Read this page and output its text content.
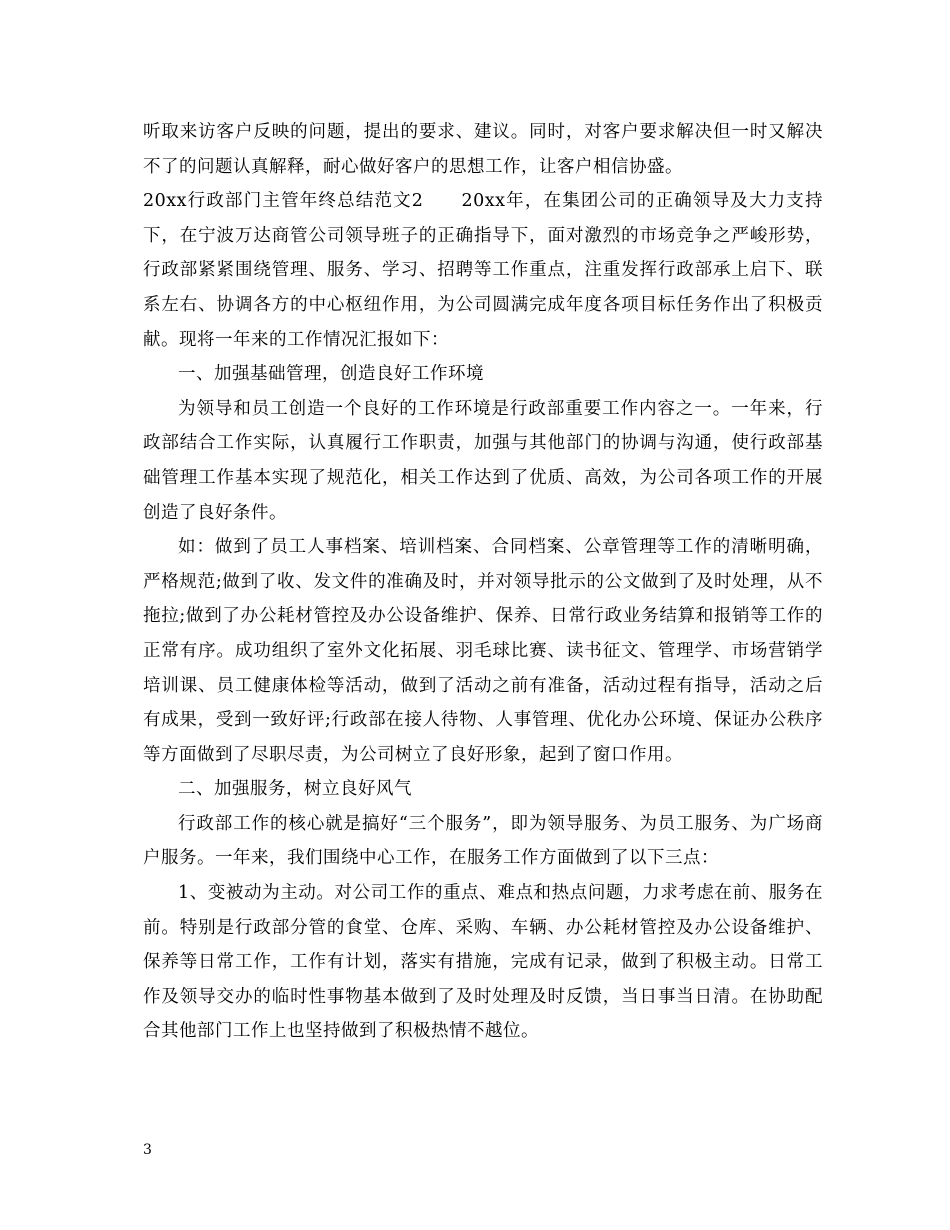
听取来访客户反映的问题，提出的要求、建议。同时，对客户要求解决但一时又解决不了的问题认真解释，耐心做好客户的思想工作，让客户相信协盛。

20xx行政部门主管年终总结范文2　　20xx年，在集团公司的正确领导及大力支持下，在宁波万达商管公司领导班子的正确指导下，面对激烈的市场竞争之严峻形势，行政部紧紧围绕管理、服务、学习、招聘等工作重点，注重发挥行政部承上启下、联系左右、协调各方的中心枢纽作用，为公司圆满完成年度各项目标任务作出了积极贡献。现将一年来的工作情况汇报如下：

一、加强基础管理，创造良好工作环境

为领导和员工创造一个良好的工作环境是行政部重要工作内容之一。一年来，行政部结合工作实际，认真履行工作职责，加强与其他部门的协调与沟通，使行政部基础管理工作基本实现了规范化，相关工作达到了优质、高效，为公司各项工作的开展创造了良好条件。

如：做到了员工人事档案、培训档案、合同档案、公章管理等工作的清晰明确，严格规范;做到了收、发文件的准确及时，并对领导批示的公文做到了及时处理，从不拖拉;做到了办公耗材管控及办公设备维护、保养、日常行政业务结算和报销等工作的正常有序。成功组织了室外文化拓展、羽毛球比赛、读书征文、管理学、市场营销学培训课、员工健康体检等活动，做到了活动之前有准备，活动过程有指导，活动之后有成果，受到一致好评;行政部在接人待物、人事管理、优化办公环境、保证办公秩序等方面做到了尽职尽责，为公司树立了良好形象，起到了窗口作用。

二、加强服务，树立良好风气

行政部工作的核心就是搞好“三个服务”，即为领导服务、为员工服务、为广场商户服务。一年来，我们围绕中心工作，在服务工作方面做到了以下三点：

1、变被动为主动。对公司工作的重点、难点和热点问题，力求考虑在前、服务在前。特别是行政部分管的食堂、仓库、采购、车辆、办公耗材管控及办公设备维护、保养等日常工作，工作有计划，落实有措施，完成有记录，做到了积极主动。日常工作及领导交办的临时性事物基本做到了及时处理及时反馈，当日事当日清。在协助配合其他部门工作上也坚持做到了积极热情不越位。

3
